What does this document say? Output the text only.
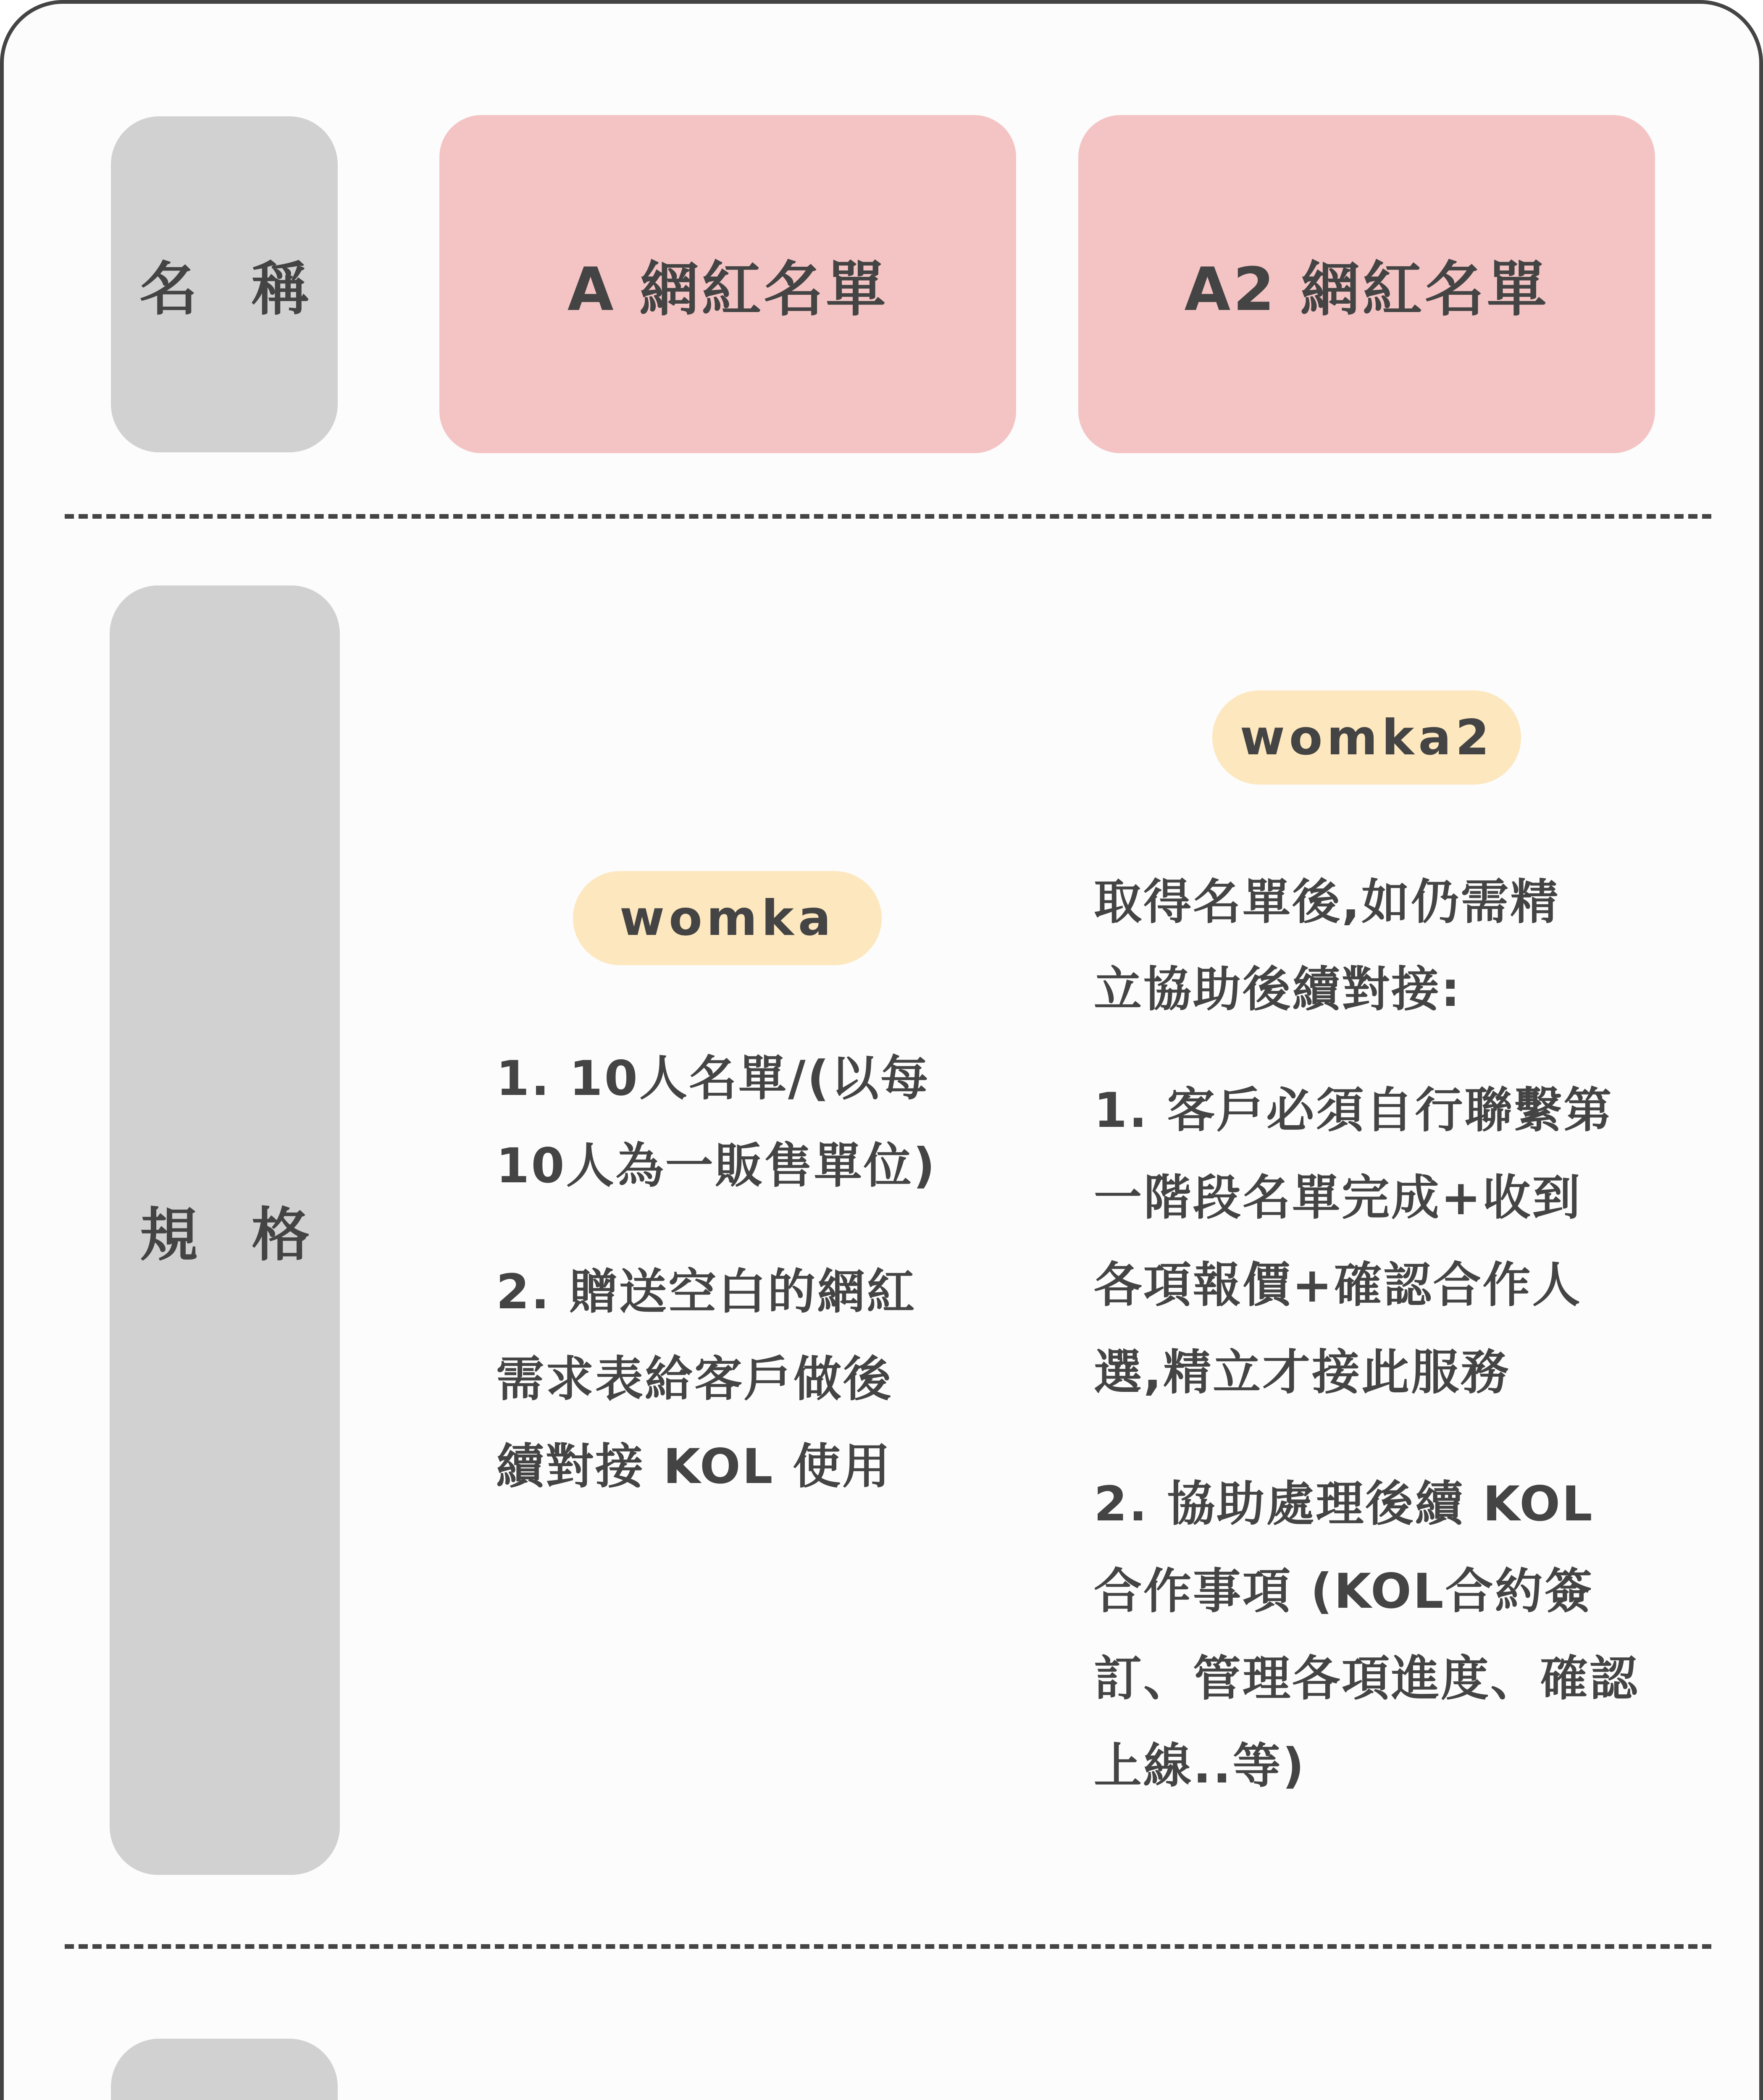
名 稱	A 網紅名單	A2 網紅名單
規 格
womka
1. 10人名單/(以每
10人為一販售單位)
2. 贈送空白的網紅
需求表給客戶做後
續對接 KOL 使用
womka2
取得名單後,如仍需精
立協助後續對接:
1. 客戶必須自行聯繫第
一階段名單完成+收到
各項報價+確認合作人
選,精立才接此服務
2. 協助處理後續 KOL
合作事項 (KOL合約簽
訂、管理各項進度、確認
上線..等)
